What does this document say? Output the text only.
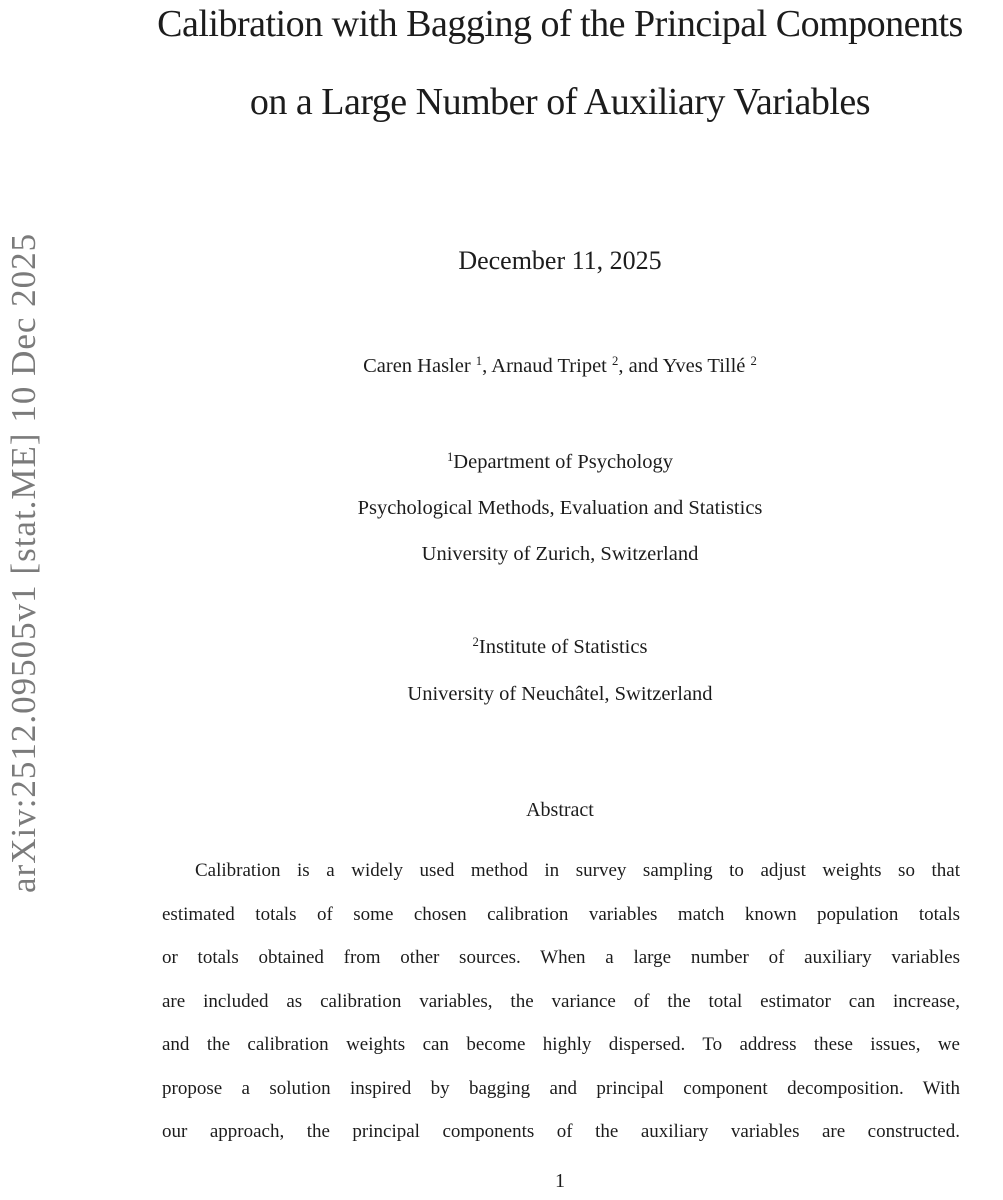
arXiv:2512.09505v1 [stat.ME] 10 Dec 2025
Calibration with Bagging of the Principal Components
on a Large Number of Auxiliary Variables
December 11, 2025
Caren Hasler $^1$, Arnaud Tripet $^2$, and Yves Tillé $^2$
$^1$Department of Psychology
Psychological Methods, Evaluation and Statistics
University of Zurich, Switzerland
$^2$Institute of Statistics
University of Neuchâtel, Switzerland
Abstract
Calibration is a widely used method in survey sampling to adjust weights so that
estimated totals of some chosen calibration variables match known population totals
or totals obtained from other sources. When a large number of auxiliary variables
are included as calibration variables, the variance of the total estimator can increase,
and the calibration weights can become highly dispersed. To address these issues, we
propose a solution inspired by bagging and principal component decomposition. With
our approach, the principal components of the auxiliary variables are constructed.
1
